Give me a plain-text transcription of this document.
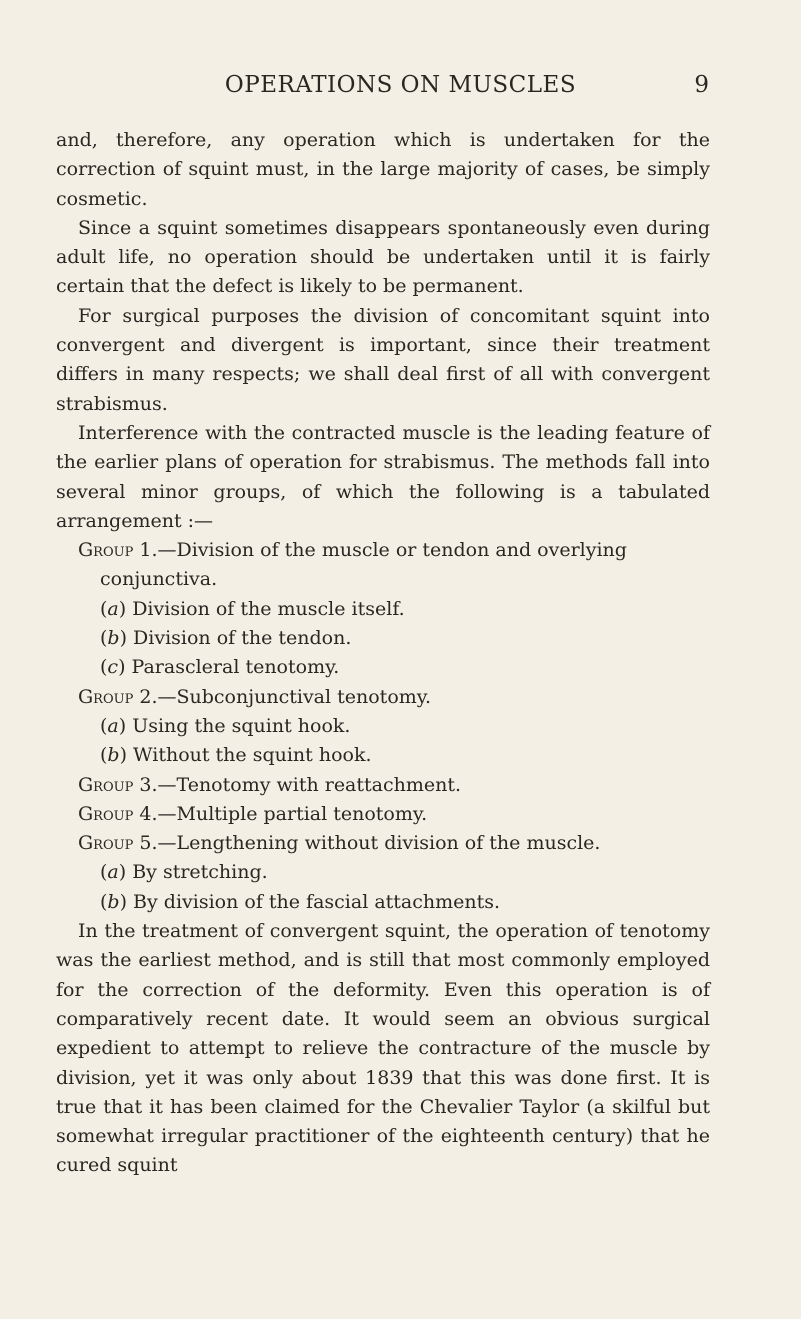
OPERATIONS ON MUSCLES	9

and, therefore, any operation which is undertaken for the correction of squint must, in the large majority of cases, be simply cosmetic.

Since a squint sometimes disappears spontaneously even during adult life, no operation should be undertaken until it is fairly certain that the defect is likely to be permanent.

For surgical purposes the division of concomitant squint into convergent and divergent is important, since their treatment differs in many respects; we shall deal first of all with convergent strabismus.

Interference with the contracted muscle is the leading feature of the earlier plans of operation for strabismus. The methods fall into several minor groups, of which the following is a tabulated arrangement :—

Group 1.—Division of the muscle or tendon and overlying conjunctiva.

(a) Division of the muscle itself.

(b) Division of the tendon.

(c) Parascleral tenotomy.

Group 2.—Subconjunctival tenotomy.

(a) Using the squint hook.

(b) Without the squint hook.

Group 3.—Tenotomy with reattachment.

Group 4.—Multiple partial tenotomy.

Group 5.—Lengthening without division of the muscle.

(a) By stretching.

(b) By division of the fascial attachments.

In the treatment of convergent squint, the operation of tenotomy was the earliest method, and is still that most commonly employed for the correction of the deformity. Even this operation is of comparatively recent date. It would seem an obvious surgical expedient to attempt to relieve the contracture of the muscle by division, yet it was only about 1839 that this was done first. It is true that it has been claimed for the Chevalier Taylor (a skilful but somewhat irregular practitioner of the eighteenth century) that he cured squint
